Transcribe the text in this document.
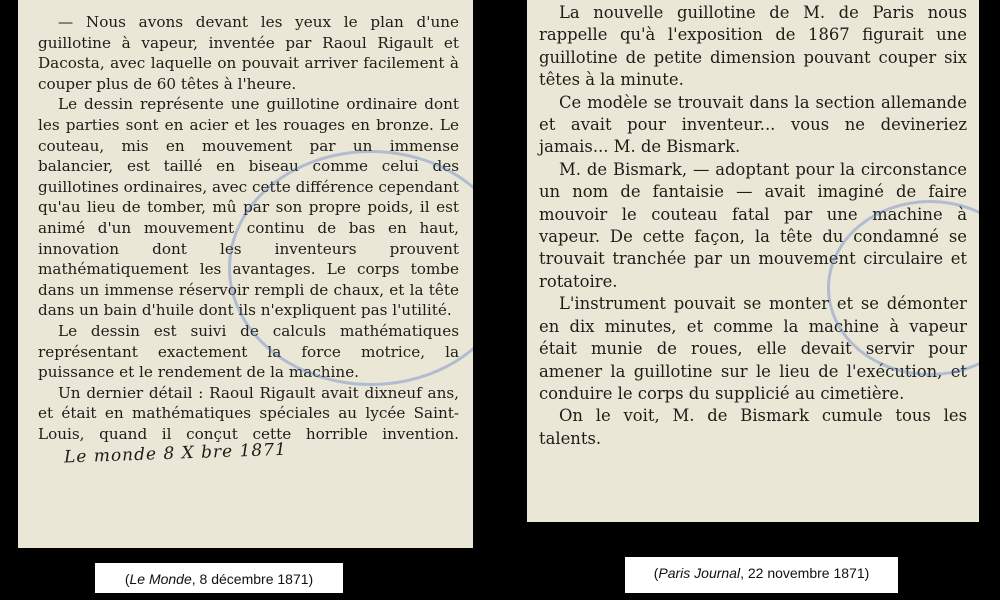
— Nous avons devant les yeux le plan d'une guillotine à vapeur, inventée par Raoul Rigault et Dacosta, avec laquelle on pouvait arriver facilement à couper plus de 60 têtes à l'heure.

Le dessin représente une guillotine ordinaire dont les parties sont en acier et les rouages en bronze. Le couteau, mis en mouvement par un immense balancier, est taillé en biseau comme celui des guillotines ordinaires, avec cette différence cependant qu'au lieu de tomber, mû par son propre poids, il est animé d'un mouvement continu de bas en haut, innovation dont les inventeurs prouvent mathématiquement les avantages. Le corps tombe dans un immense réservoir rempli de chaux, et la tête dans un bain d'huile dont ils n'expliquent pas l'utilité.

Le dessin est suivi de calculs mathématiques représentant exactement la force motrice, la puissance et le rendement de la machine.

Un dernier détail : Raoul Rigault avait dixneuf ans, et était en mathématiques spéciales au lycée Saint-Louis, quand il conçut cette horrible invention. Le monde 8 X bre 1871

La nouvelle guillotine de M. de Paris nous rappelle qu'à l'exposition de 1867 figurait une guillotine de petite dimension pouvant couper six têtes à la minute.

Ce modèle se trouvait dans la section allemande et avait pour inventeur... vous ne devineriez jamais... M. de Bismark.

M. de Bismark, — adoptant pour la circonstance un nom de fantaisie — avait imaginé de faire mouvoir le couteau fatal par une machine à vapeur. De cette façon, la tête du condamné se trouvait tranchée par un mouvement circulaire et rotatoire.

L'instrument pouvait se monter et se démonter en dix minutes, et comme la machine à vapeur était munie de roues, elle devait servir pour amener la guillotine sur le lieu de l'exécution, et conduire le corps du supplicié au cimetière.

On le voit, M. de Bismark cumule tous les talents.

(Le Monde, 8 décembre 1871)	(Paris Journal, 22 novembre 1871)
